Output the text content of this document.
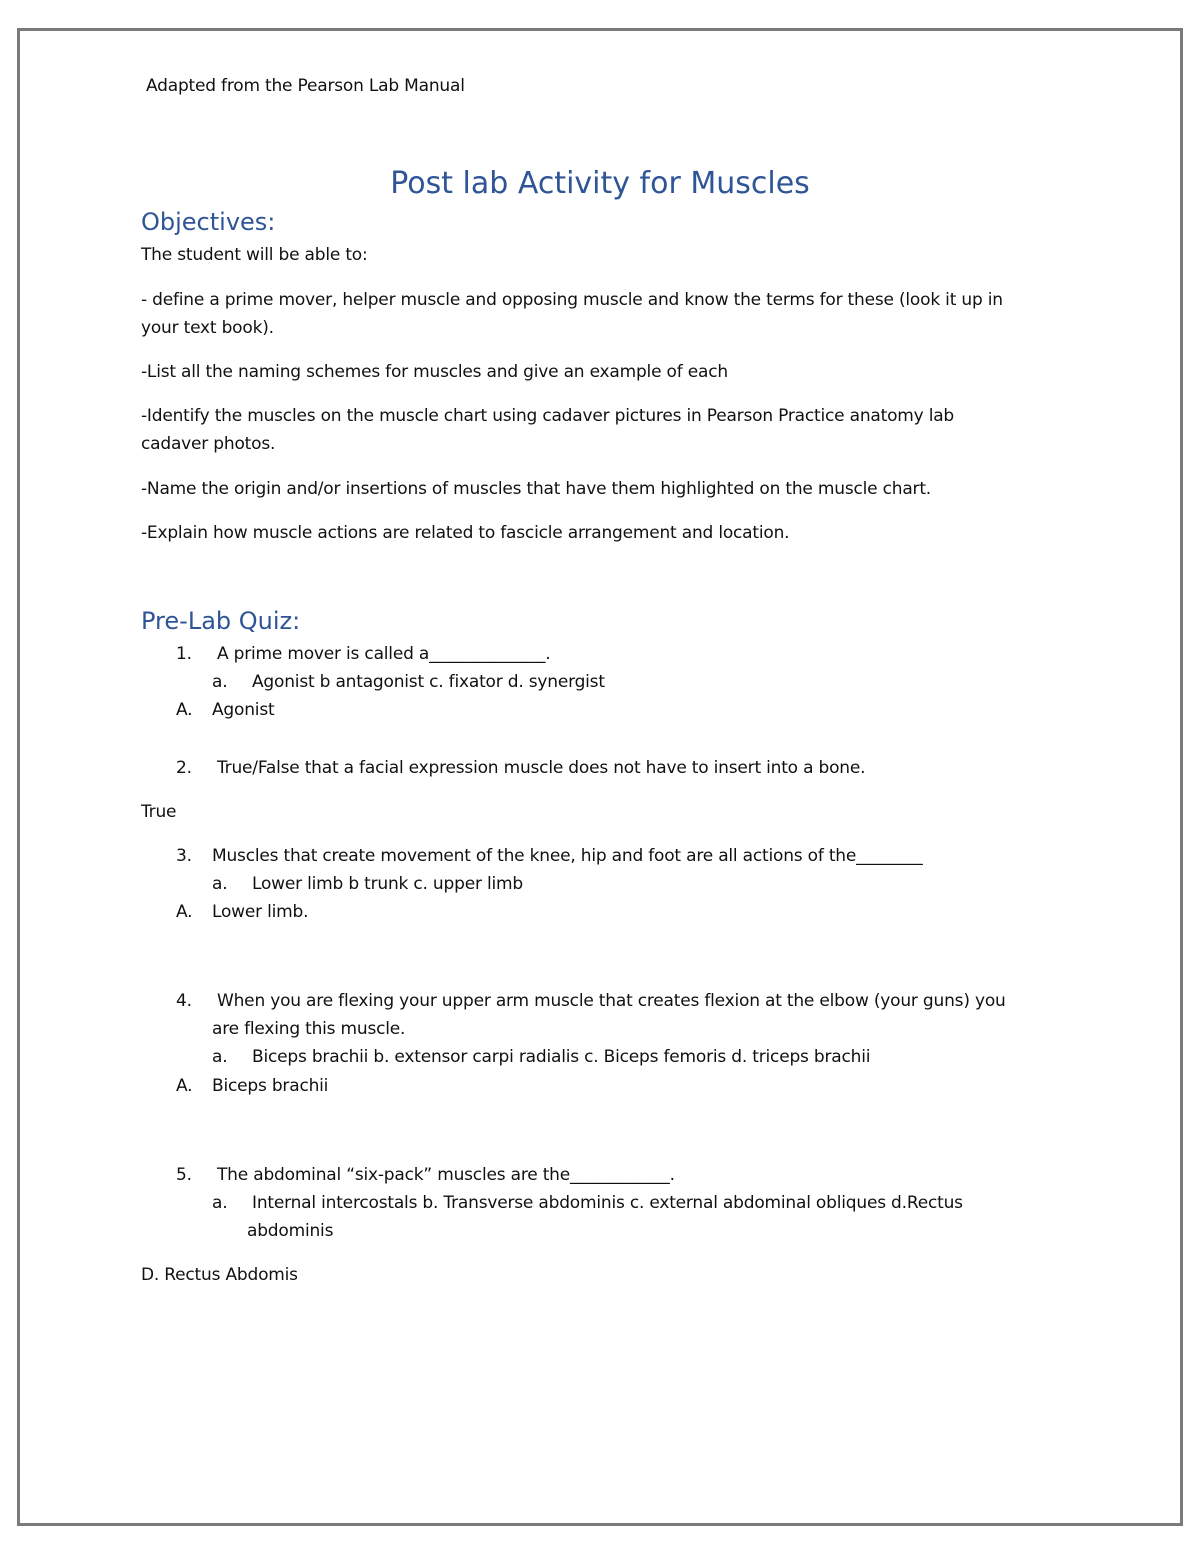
Adapted from the Pearson Lab Manual
Post lab Activity for Muscles
Objectives:
The student will be able to:
- define a prime mover, helper muscle and opposing muscle and know the terms for these (look it up in
your text book).
-List all the naming schemes for muscles and give an example of each
-Identify the muscles on the muscle chart using cadaver pictures in Pearson Practice anatomy lab
cadaver photos.
-Name the origin and/or insertions of muscles that have them highlighted on the muscle chart.
-Explain how muscle actions are related to fascicle arrangement and location.
Pre-Lab Quiz:
1. A prime mover is called a______________.
a. Agonist b antagonist c. fixator d. synergist
A. Agonist
2. True/False that a facial expression muscle does not have to insert into a bone.
True
3. Muscles that create movement of the knee, hip and foot are all actions of the________
a. Lower limb b trunk c. upper limb
A. Lower limb.
4. When you are flexing your upper arm muscle that creates flexion at the elbow (your guns) you
are flexing this muscle.
a. Biceps brachii b. extensor carpi radialis c. Biceps femoris d. triceps brachii
A. Biceps brachii
5. The abdominal “six-pack” muscles are the____________.
a. Internal intercostals b. Transverse abdominis c. external abdominal obliques d.Rectus
abdominis
D. Rectus Abdomis
